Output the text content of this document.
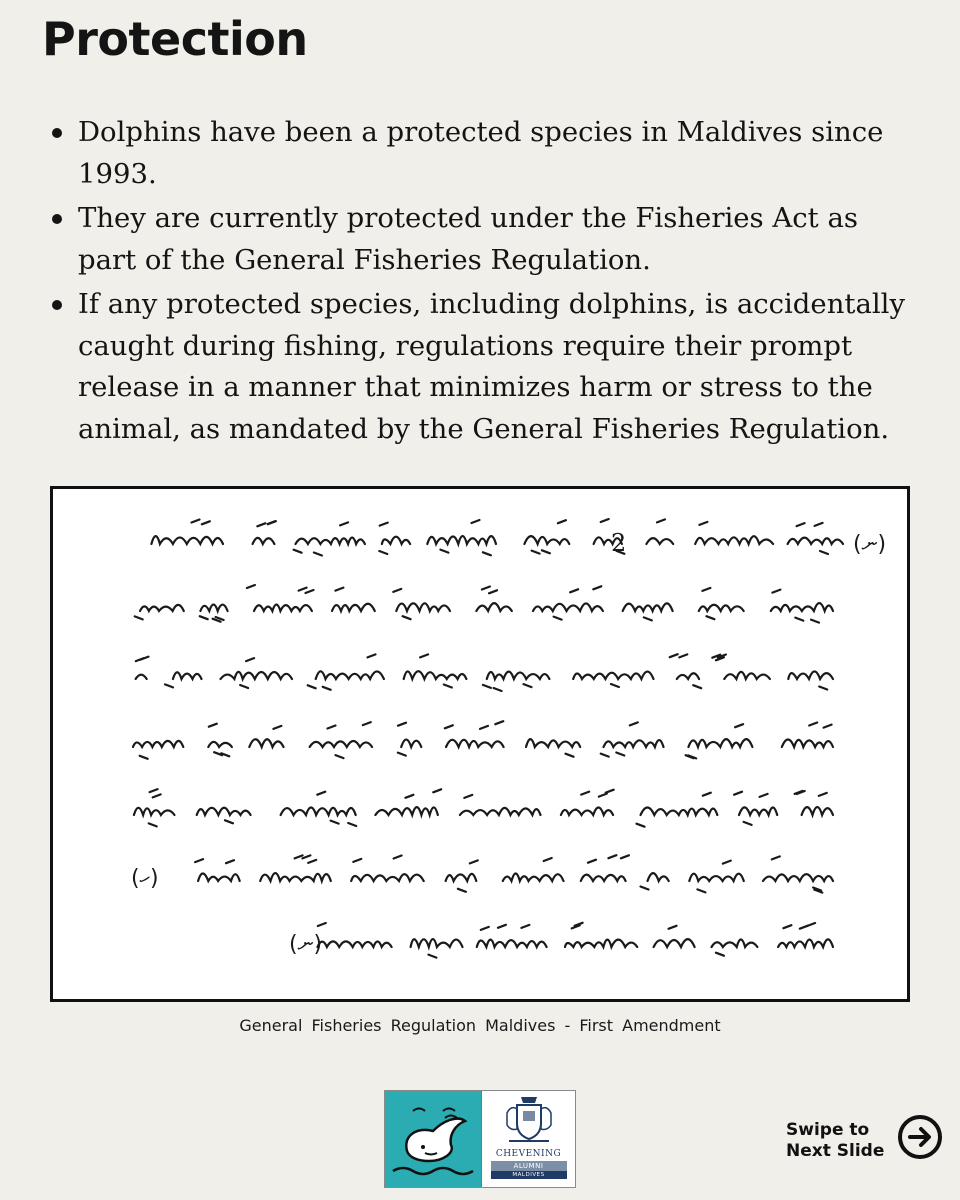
Protection
Dolphins have been a protected species in Maldives since 1993.
They are currently protected under the Fisheries Act as part of the General Fisheries Regulation.
If any protected species, including dolphins, is accidentally caught during fishing, regulations require their prompt release in a manner that minimizes harm or stress to the animal, as mandated by the General Fisheries Regulation.
(ނ)
2
(ހ)
(ނ)
General Fisheries Regulation Maldives - First Amendment
CHEVENING
ALUMNI
MALDIVES
Swipe to
Next Slide
